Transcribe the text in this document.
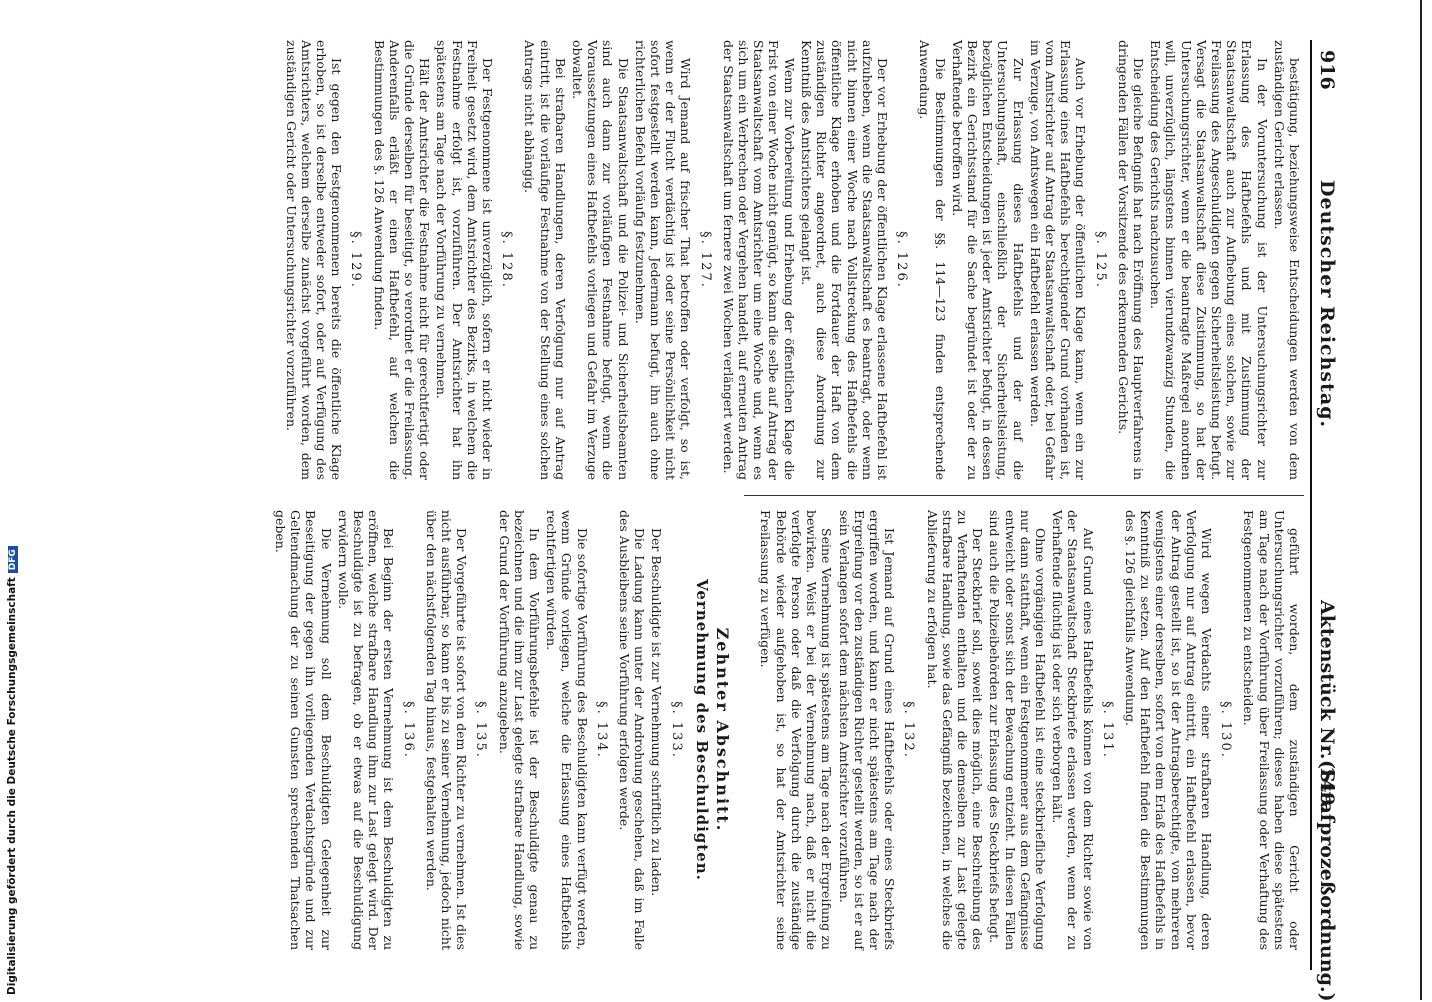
916
Deutscher Reichstag.
Aktenstück Nr. 149.
(Strafprozeßordnung.)

bestätigung, beziehungsweise Entscheidungen werden von dem zuständigen Gericht erlassen.

In der Voruntersuchung ist der Untersuchungsrichter zur Erlassung des Haftbefehls und mit Zustimmung der Staatsanwaltschaft auch zur Aufhebung eines solchen, sowie zur Freilassung des Angeschuldigten gegen Sicherheitsleistung befugt. Versagt die Staatsanwaltschaft diese Zustimmung, so hat der Untersuchungsrichter, wenn er die beantragte Maßregel anordnen will, unverzüglich, längstens binnen vierundzwanzig Stunden, die Entscheidung des Gerichts nachzusuchen.

Die gleiche Befugniß hat nach Eröffnung des Hauptverfahrens in dringenden Fällen der Vorsitzende des erkennenden Gerichts.

§. 125.

Auch vor Erhebung der öffentlichen Klage kann, wenn ein zur Erlassung eines Haftbefehls berechtigender Grund vorhanden ist, vom Amtsrichter auf Antrag der Staatsanwaltschaft oder, bei Gefahr im Verzuge, von Amtswegen ein Haftbefehl erlassen werden.

Zur Erlassung dieses Haftbefehls und der auf die Untersuchungshaft, einschließlich der Sicherheitsleistung, bezüglichen Entscheidungen ist jeder Amtsrichter befugt, in dessen Bezirk ein Gerichtsstand für die Sache begründet ist oder der zu Verhaftende betroffen wird.

Die Bestimmungen der §§. 114—123 finden entsprechende Anwendung.

§. 126.

Der vor Erhebung der öffentlichen Klage erlassene Haftbefehl ist aufzuheben, wenn die Staatsanwaltschaft es beantragt, oder wenn nicht binnen einer Woche nach Vollstreckung des Haftbefehls die öffentliche Klage erhoben und die Fortdauer der Haft von dem zuständigen Richter angeordnet, auch diese Anordnung zur Kenntniß des Amtsrichters gelangt ist.

Wenn zur Vorbereitung und Erhebung der öffentlichen Klage die Frist von einer Woche nicht genügt, so kann die selbe auf Antrag der Staatsanwaltschaft vom Amtsrichter um eine Woche und, wenn es sich um ein Verbrechen oder Vergehen handelt, auf erneuten Antrag der Staatsanwaltschaft um fernere zwei Wochen verlängert werden.

§. 127.

Wird Jemand auf frischer That betroffen oder verfolgt, so ist, wenn er der Flucht verdächtig ist oder seine Persönlichkeit nicht sofort festgestellt werden kann, Jedermann befugt, ihn auch ohne richterlichen Befehl vorläufig festzunehmen.

Die Staatsanwaltschaft und die Polizei- und Sicherheitsbeamten sind auch dann zur vorläufigen Festnahme befugt, wenn die Voraussetzungen eines Haftbefehls vorliegen und Gefahr im Verzuge obwaltet.

Bei strafbaren Handlungen, deren Verfolgung nur auf Antrag eintritt, ist die vorläufige Festnahme von der Stellung eines solchen Antrags nicht abhängig.

§. 128.

Der Festgenommene ist unverzüglich, sofern er nicht wieder in Freiheit gesetzt wird, dem Amtsrichter des Bezirks, in welchem die Festnahme erfolgt ist, vorzuführen. Der Amtsrichter hat ihn spätestens am Tage nach der Vorführung zu vernehmen.

Hält der Amtsrichter die Festnahme nicht für gerechtfertigt oder die Gründe derselben für beseitigt, so verordnet er die Freilassung. Anderenfalls erläßt er einen Haftbefehl, auf welchen die Bestimmungen des §. 126 Anwendung finden.

§. 129.

Ist gegen den Festgenommenen bereits die öffentliche Klage erhoben, so ist derselbe entweder sofort, oder auf Verfügung des Amtsrichters, welchem derselbe zunächst vorgeführt worden, dem zuständigen Gericht oder Untersuchungsrichter vorzuführen.

geführt worden, dem zuständigen Gericht oder Untersuchungsrichter vorzuführen; dieses haben diese spätestens am Tage nach der Vorführung über Freilassung oder Verhaftung des Festgenommenen zu entscheiden.

§. 130.

Wird wegen Verdachts einer strafbaren Handlung, deren Verfolgung nur auf Antrag eintritt, ein Haftbefehl erlassen, bevor der Antrag gestellt ist, so ist der Antragsberechtigte, von mehreren wenigstens einer derselben, sofort von dem Erlaß des Haftbefehls in Kenntniß zu setzen. Auf den Haftbefehl finden die Bestimmungen des §. 126 gleichfalls Anwendung.

§. 131.

Auf Grund eines Haftbefehls können von dem Richter sowie von der Staatsanwaltschaft Steckbriefe erlassen werden, wenn der zu Verhaftende flüchtig ist oder sich verborgen hält.

Ohne vorgängigen Haftbefehl ist eine steckbriefliche Verfolgung nur dann statthaft, wenn ein Festgenommener aus dem Gefängnisse entweicht oder sonst sich der Bewachung entzieht. In diesen Fällen sind auch die Polizeibehörden zur Erlassung des Steckbriefs befugt.

Der Steckbrief soll, soweit dies möglich, eine Beschreibung des zu Verhaftenden enthalten und die demselben zur Last gelegte strafbare Handlung, sowie das Gefängniß bezeichnen, in welches die Ablieferung zu erfolgen hat.

§. 132.

Ist Jemand auf Grund eines Haftbefehls oder eines Steckbriefs ergriffen worden, und kann er nicht spätestens am Tage nach der Ergreifung vor den zuständigen Richter gestellt werden, so ist er auf sein Verlangen sofort dem nächsten Amtsrichter vorzuführen.

Seine Vernehmung ist spätestens am Tage nach der Ergreifung zu bewirken. Weist er bei der Vernehmung nach, daß er nicht die verfolgte Person oder daß die Verfolgung durch die zuständige Behörde wieder aufgehoben ist, so hat der Amtsrichter seine Freilassung zu verfügen.

Zehnter Abschnitt.
Vernehmung des Beschuldigten.
§. 133.

Der Beschuldigte ist zur Vernehmung schriftlich zu laden.

Die Ladung kann unter der Androhung geschehen, daß im Falle des Ausbleibens seine Vorführung erfolgen werde.

§. 134.

Die sofortige Vorführung des Beschuldigten kann verfügt werden, wenn Gründe vorliegen, welche die Erlassung eines Haftbefehls rechtfertigen würden.

In dem Vorführungsbefehle ist der Beschuldigte genau zu bezeichnen und die ihm zur Last gelegte strafbare Handlung, sowie der Grund der Vorführung anzugeben.

§. 135.

Der Vorgeführte ist sofort von dem Richter zu vernehmen. Ist dies nicht ausführbar, so kann er bis zu seiner Vernehmung, jedoch nicht über den nächstfolgenden Tag hinaus, festgehalten werden.

§. 136.

Bei Beginn der ersten Vernehmung ist dem Beschuldigten zu eröffnen, welche strafbare Handlung ihm zur Last gelegt wird. Der Beschuldigte ist zu befragen, ob er etwas auf die Beschuldigung erwidern wolle.

Die Vernehmung soll dem Beschuldigten Gelegenheit zur Beseitigung der gegen ihn vorliegenden Verdachtsgründe und zur Geltendmachung der zu seinen Gunsten sprechenden Thatsachen geben.

Digitalisierung gefördert durch die Deutsche ForschungsgemeinschaftDFG
